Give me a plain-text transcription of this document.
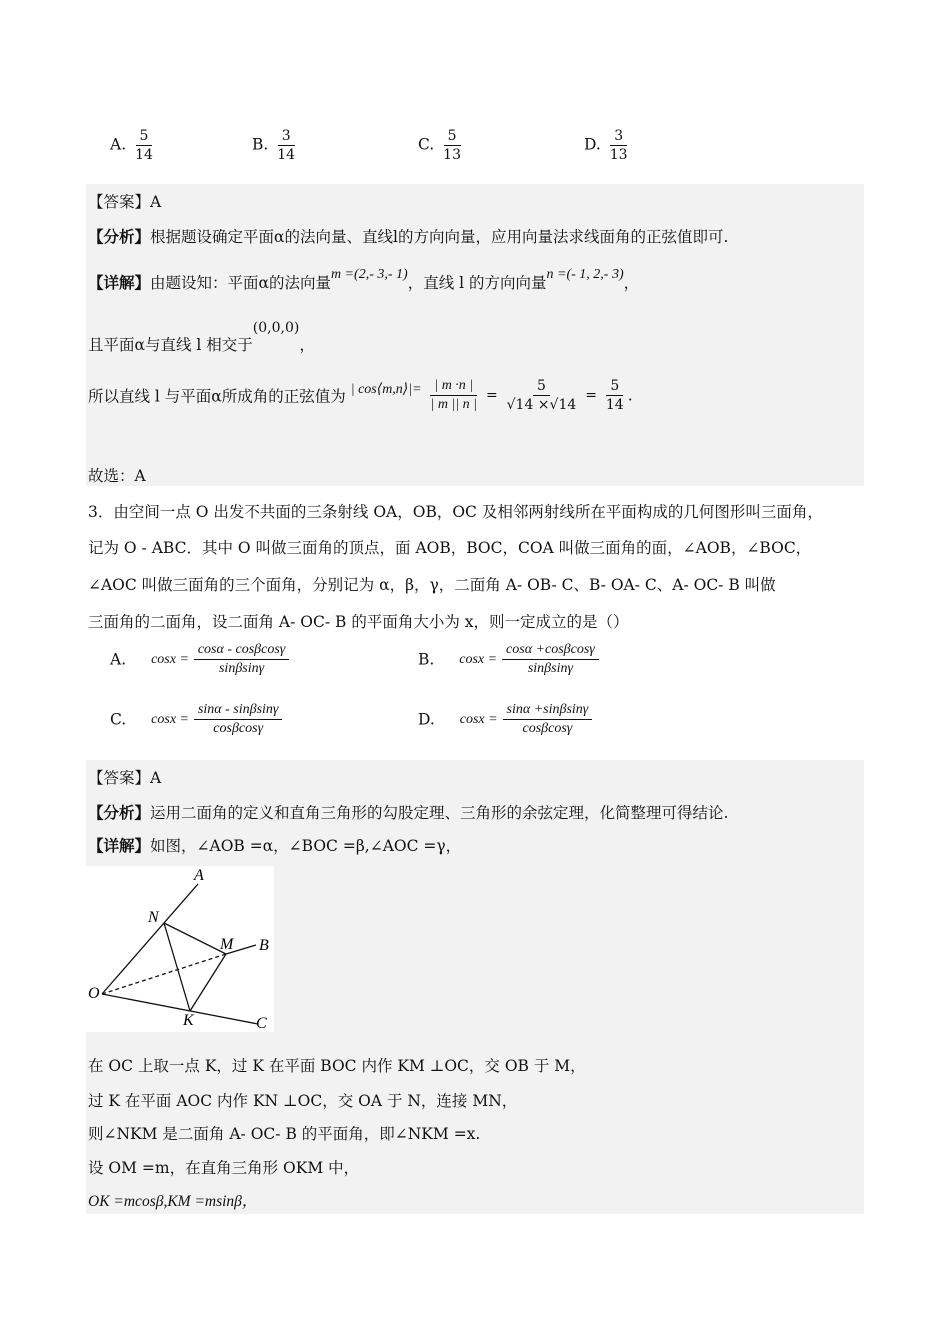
A. $\frac{5}{14}$	B. $\frac{3}{14}$	C. $\frac{5}{13}$	D. $\frac{3}{13}$
【答案】A
【分析】根据题设确定平面α的法向量、直线l的方向向量，应用向量法求线面角的正弦值即可.
【详解】由题设知：平面α的法向量$^{m =(2,- 3,- 1)}$，直线 l 的方向向量$^{n =(- 1, 2,- 3)}$，
且平面α与直线 l 相交于$^{(0,0,0)}$，
所以直线 l 与平面α所成角的正弦值为 | cos⟨m,n⟩|= $\frac{| m \cdot n |}{| m || n |} = \frac{5}{√14 \times√14} = \frac{5}{14}$ .
故选：A
3．由空间一点 O 出发不共面的三条射线 OA，OB，OC 及相邻两射线所在平面构成的几何图形叫三面角，
记为 O - ABC．其中 O 叫做三面角的顶点，面 AOB，BOC，COA 叫做三面角的面，∠AOB，∠BOC，
∠AOC 叫做三面角的三个面角，分别记为 α，β，γ，二面角 A- OB- C、B- OA- C、A- OC- B 叫做
三面角的二面角，设二面角 A- OC- B 的平面角大小为 x，则一定成立的是（）
A. $\cos x = \frac{\cos\alpha - \cos\beta\cos\gamma}{\sin\beta\sin\gamma}$	B. $\cos x = \frac{\cos\alpha +\cos\beta\cos\gamma}{\sin\beta\sin\gamma}$
C. $\cos x = \frac{\sin\alpha - \sin\beta\sin\gamma}{\cos\beta\cos\gamma}$	D. $\cos x = \frac{\sin\alpha +\sin\beta\sin\gamma}{\cos\beta\cos\gamma}$
【答案】A
【分析】运用二面角的定义和直角三角形的勾股定理、三角形的余弦定理，化简整理可得结论.
【详解】如图，∠AOB =α，∠BOC =β,∠AOC =γ，
A
N
M B
O
K	C
在 OC 上取一点 K，过 K 在平面 BOC 内作 KM ⊥OC，交 OB 于 M，
过 K 在平面 AOC 内作 KN ⊥OC，交 OA 于 N，连接 MN，
则∠NKM 是二面角 A- OC- B 的平面角，即∠NKM =x.
设 OM =m，在直角三角形 OKM 中，
OK =mcosβ,KM =msinβ，
